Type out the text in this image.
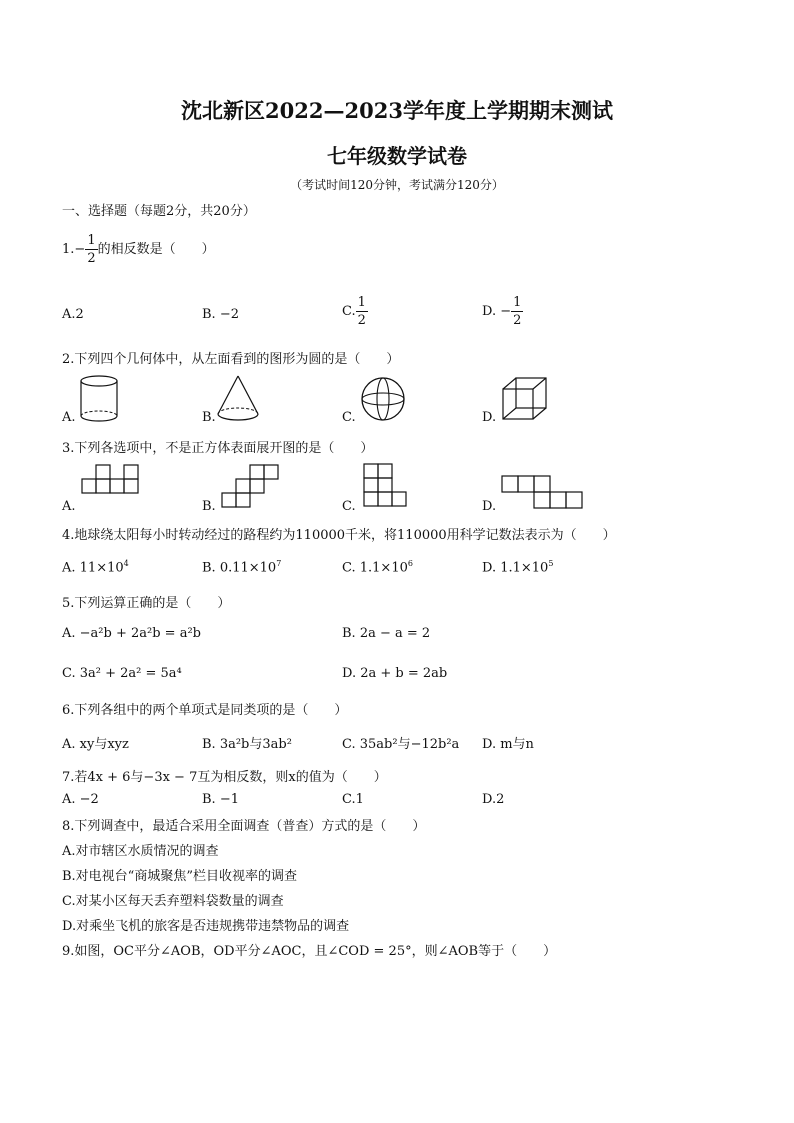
沈北新区2022—2023学年度上学期期末测试
七年级数学试卷
（考试时间120分钟，考试满分120分）
一、选择题（每题2分，共20分）
$1.- \frac{1}{2}$ 的相反数是（　　）
A.2	B. −2	C. $\frac{1}{2}$	D. − $\frac{1}{2}$
2.下列四个几何体中，从左面看到的图形为圆的是（　　）
A.	B.	C.	D.
3.下列各选项中，不是正方体表面展开图的是（　　）
A.	B.	C.	D.
4.地球绕太阳每小时转动经过的路程约为110000千米，将110000用科学记数法表示为（　　）
A. $11\times 10^4$	B. $0.11\times 10^7$	C. $1.1\times 10^6$	D. $1.1\times 10^5$
5.下列运算正确的是（　　）
A. −a²b + 2a²b = a²b	B. 2a − a = 2
C. 3a² + 2a² = 5a⁴	D. 2a + b = 2ab
6.下列各组中的两个单项式是同类项的是（　　）
A. xy与xyz	B. 3a²b与3ab²	C. 35ab²与−12b²a D. m与n
7.若4x + 6与−3x − 7互为相反数，则x的值为（　　）
A. −2	B. −1	C.1	D.2
8.下列调查中，最适合采用全面调查（普查）方式的是（　　）
A.对市辖区水质情况的调查
B.对电视台“商城聚焦”栏目收视率的调查
C.对某小区每天丢弃塑料袋数量的调查
D.对乘坐飞机的旅客是否违规携带违禁物品的调查
9.如图，OC平分∠AOB，OD平分∠AOC，且∠COD = 25°，则∠AOB等于（　　）
